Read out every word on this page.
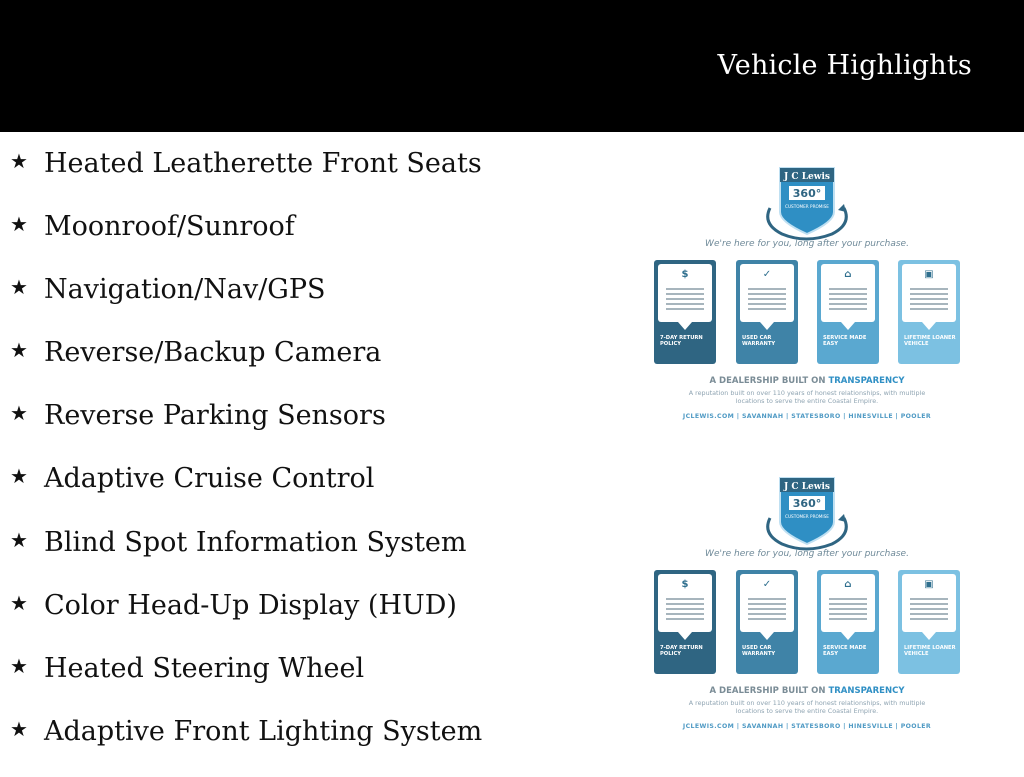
Vehicle Highlights
★ Heated Leatherette Front Seats
★ Moonroof/Sunroof
★ Navigation/Nav/GPS
★ Reverse/Backup Camera
★ Reverse Parking Sensors
★ Adaptive Cruise Control
★ Blind Spot Information System
★ Color Head-Up Display (HUD)
★ Heated Steering Wheel
★ Adaptive Front Lighting System
J C Lewis
360°
CUSTOMER PROMISE
We're here for you, long after your purchase.
$
7-DAY RETURN POLICY
✓
USED CAR WARRANTY
⌂
SERVICE MADE EASY
▣
LIFETIME LOANER VEHICLE
A DEALERSHIP BUILT ON TRANSPARENCY
A reputation built on over 110 years of honest relationships, with multiple locations to serve the entire Coastal Empire.
JCLEWIS.COM | SAVANNAH | STATESBORO | HINESVILLE | POOLER
J C Lewis
360°
CUSTOMER PROMISE
We're here for you, long after your purchase.
$
7-DAY RETURN POLICY
✓
USED CAR WARRANTY
⌂
SERVICE MADE EASY
▣
LIFETIME LOANER VEHICLE
A DEALERSHIP BUILT ON TRANSPARENCY
A reputation built on over 110 years of honest relationships, with multiple locations to serve the entire Coastal Empire.
JCLEWIS.COM | SAVANNAH | STATESBORO | HINESVILLE | POOLER
